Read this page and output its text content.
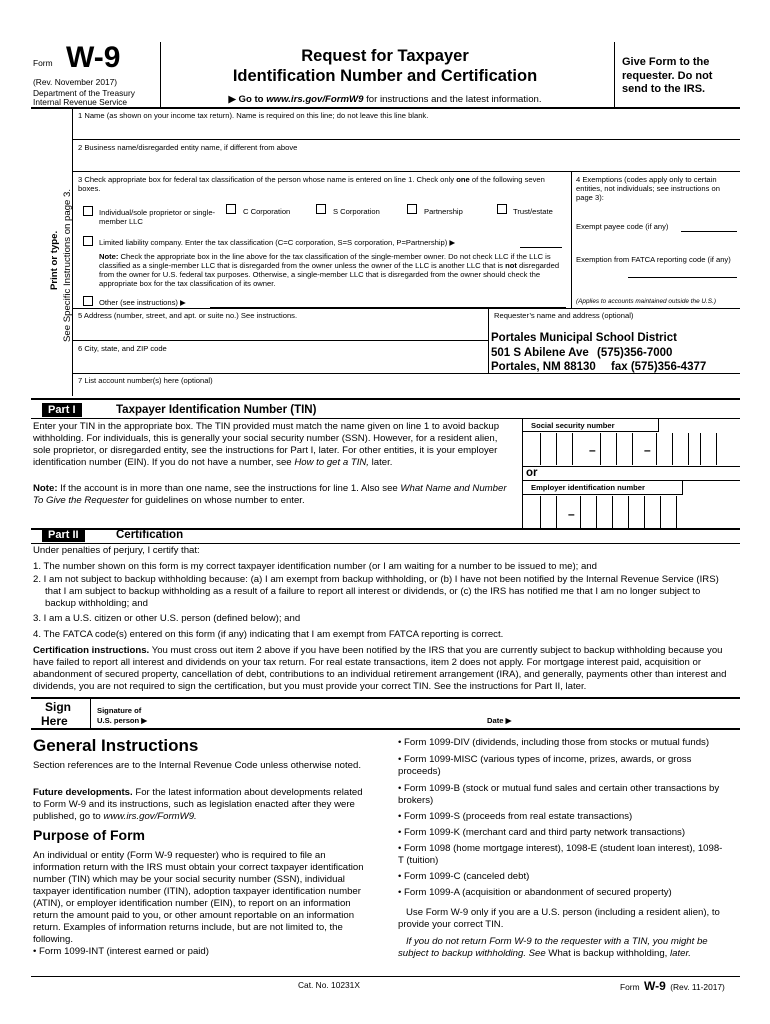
Form W-9
(Rev. November 2017)
Department of the Treasury
Internal Revenue Service
Request for Taxpayer
Identification Number and Certification
▶ Go to www.irs.gov/FormW9 for instructions and the latest information.
Give Form to the requester. Do not send to the IRS.
Print or type. See Specific Instructions on page 3.
1 Name (as shown on your income tax return). Name is required on this line; do not leave this line blank.
2 Business name/disregarded entity name, if different from above
3 Check appropriate box for federal tax classification of the person whose name is entered on line 1. Check only one of the following seven boxes.
Individual/sole proprietor or single-member LLC
C Corporation	S Corporation	Partnership	Trust/estate
Limited liability company. Enter the tax classification (C=C corporation, S=S corporation, P=Partnership) ▶
Note: Check the appropriate box in the line above for the tax classification of the single-member owner. Do not check LLC if the LLC is classified as a single-member LLC that is disregarded from the owner unless the owner of the LLC is another LLC that is not disregarded from the owner for U.S. federal tax purposes. Otherwise, a single-member LLC that is disregarded from the owner should check the appropriate box for the tax classification of its owner.
Other (see instructions) ▶
4 Exemptions (codes apply only to certain entities, not individuals; see instructions on page 3):
Exempt payee code (if any)
Exemption from FATCA reporting code (if any)
(Applies to accounts maintained outside the U.S.)
5 Address (number, street, and apt. or suite no.) See instructions.	Requester’s name and address (optional)
Portales Municipal School District
501 S Abilene Ave (575)356-7000
Portales, NM 88130 fax (575)356-4377
6 City, state, and ZIP code
7 List account number(s) here (optional)
Part I	Taxpayer Identification Number (TIN)
Enter your TIN in the appropriate box. The TIN provided must match the name given on line 1 to avoid backup withholding. For individuals, this is generally your social security number (SSN). However, for a resident alien, sole proprietor, or disregarded entity, see the instructions for Part I, later. For other entities, it is your employer identification number (EIN). If you do not have a number, see How to get a TIN, later.
Note: If the account is in more than one name, see the instructions for line 1. Also see What Name and Number To Give the Requester for guidelines on whose number to enter.
Social security number
–	–
or
Employer identification number
–
Part II	Certification
Under penalties of perjury, I certify that:
1. The number shown on this form is my correct taxpayer identification number (or I am waiting for a number to be issued to me); and
2. I am not subject to backup withholding because: (a) I am exempt from backup withholding, or (b) I have not been notified by the Internal Revenue Service (IRS) that I am subject to backup withholding as a result of a failure to report all interest or dividends, or (c) the IRS has notified me that I am no longer subject to backup withholding; and
3. I am a U.S. citizen or other U.S. person (defined below); and
4. The FATCA code(s) entered on this form (if any) indicating that I am exempt from FATCA reporting is correct.
Certification instructions. You must cross out item 2 above if you have been notified by the IRS that you are currently subject to backup withholding because you have failed to report all interest and dividends on your tax return. For real estate transactions, item 2 does not apply. For mortgage interest paid, acquisition or abandonment of secured property, cancellation of debt, contributions to an individual retirement arrangement (IRA), and generally, payments other than interest and dividends, you are not required to sign the certification, but you must provide your correct TIN. See the instructions for Part II, later.
Sign
Here
Signature of
U.S. person ▶	Date ▶
General Instructions
Section references are to the Internal Revenue Code unless otherwise noted.
Future developments. For the latest information about developments related to Form W-9 and its instructions, such as legislation enacted after they were published, go to www.irs.gov/FormW9.
Purpose of Form
An individual or entity (Form W-9 requester) who is required to file an information return with the IRS must obtain your correct taxpayer identification number (TIN) which may be your social security number (SSN), individual taxpayer identification number (ITIN), adoption taxpayer identification number (ATIN), or employer identification number (EIN), to report on an information return the amount paid to you, or other amount reportable on an information return. Examples of information returns include, but are not limited to, the following.
• Form 1099-INT (interest earned or paid)
• Form 1099-DIV (dividends, including those from stocks or mutual funds)
• Form 1099-MISC (various types of income, prizes, awards, or gross proceeds)
• Form 1099-B (stock or mutual fund sales and certain other transactions by brokers)
• Form 1099-S (proceeds from real estate transactions)
• Form 1099-K (merchant card and third party network transactions)
• Form 1098 (home mortgage interest), 1098-E (student loan interest), 1098-T (tuition)
• Form 1099-C (canceled debt)
• Form 1099-A (acquisition or abandonment of secured property)
Use Form W-9 only if you are a U.S. person (including a resident alien), to provide your correct TIN.
If you do not return Form W-9 to the requester with a TIN, you might be subject to backup withholding. See What is backup withholding, later.
Cat. No. 10231X	Form W-9 (Rev. 11-2017)
